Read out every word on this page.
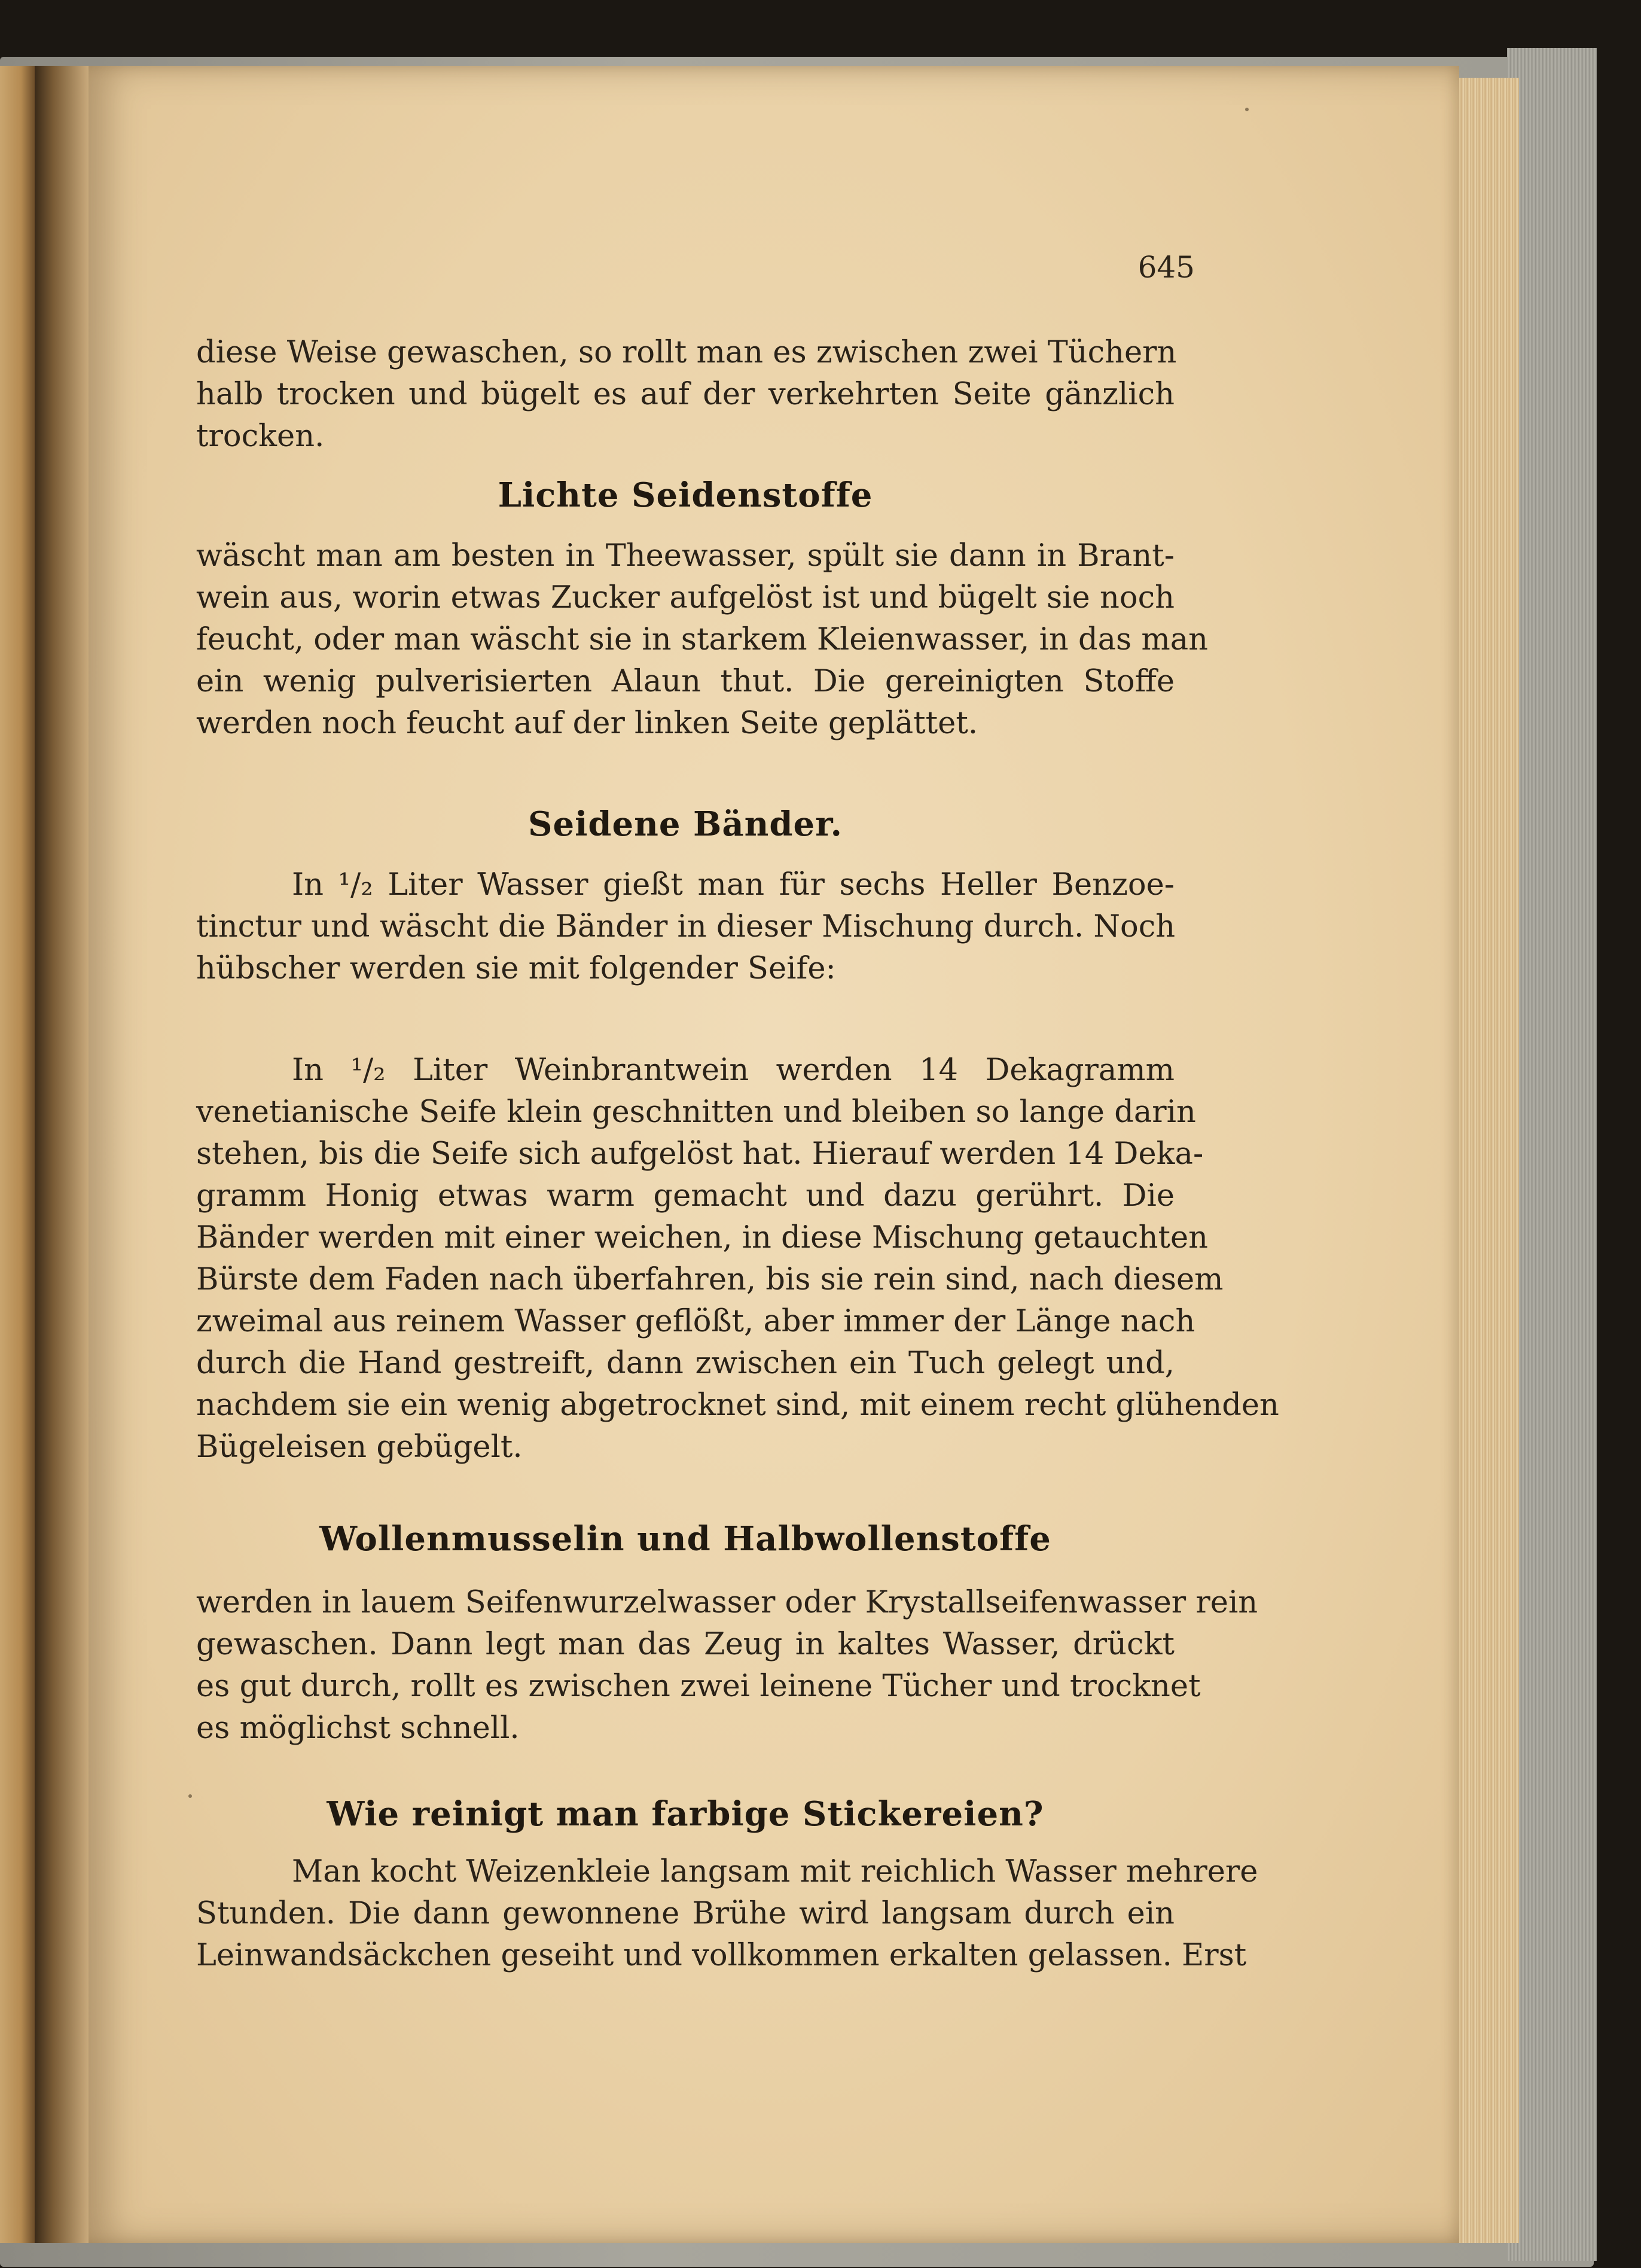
645
diese Weise gewaschen, so rollt man es zwischen zwei Tüchern
halb trocken und bügelt es auf der verkehrten Seite gänzlich
trocken.
Lichte Seidenstoffe
wäscht man am besten in Theewasser, spült sie dann in Brant-
wein aus, worin etwas Zucker aufgelöst ist und bügelt sie noch
feucht, oder man wäscht sie in starkem Kleienwasser, in das man
ein wenig pulverisierten Alaun thut. Die gereinigten Stoffe
werden noch feucht auf der linken Seite geplättet.
Seidene Bänder.
In ¹/₂ Liter Wasser gießt man für sechs Heller Benzoe-
tinctur und wäscht die Bänder in dieser Mischung durch. Noch
hübscher werden sie mit folgender Seife:
In ¹/₂ Liter Weinbrantwein werden 14 Dekagramm
venetianische Seife klein geschnitten und bleiben so lange darin
stehen, bis die Seife sich aufgelöst hat. Hierauf werden 14 Deka-
gramm Honig etwas warm gemacht und dazu gerührt. Die
Bänder werden mit einer weichen, in diese Mischung getauchten
Bürste dem Faden nach überfahren, bis sie rein sind, nach diesem
zweimal aus reinem Wasser geflößt, aber immer der Länge nach
durch die Hand gestreift, dann zwischen ein Tuch gelegt und,
nachdem sie ein wenig abgetrocknet sind, mit einem recht glühenden
Bügeleisen gebügelt.
Wollenmusselin und Halbwollenstoffe
werden in lauem Seifenwurzelwasser oder Krystallseifenwasser rein
gewaschen. Dann legt man das Zeug in kaltes Wasser, drückt
es gut durch, rollt es zwischen zwei leinene Tücher und trocknet
es möglichst schnell.
Wie reinigt man farbige Stickereien?
Man kocht Weizenkleie langsam mit reichlich Wasser mehrere
Stunden. Die dann gewonnene Brühe wird langsam durch ein
Leinwandsäckchen geseiht und vollkommen erkalten gelassen. Erst
